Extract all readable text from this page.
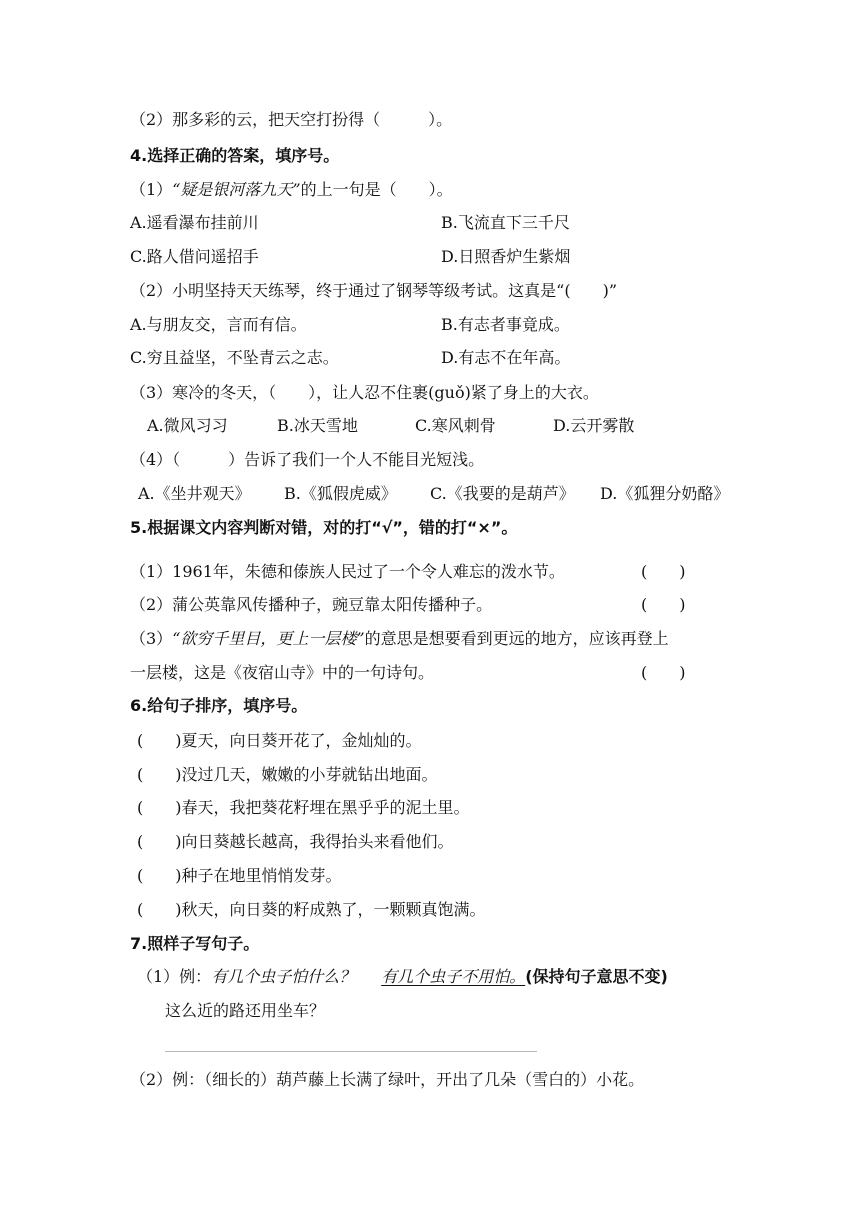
（2）那多彩的云，把天空打扮得（　　　）。
4.选择正确的答案，填序号。
（1）“疑是银河落九天”的上一句是（　　）。
A.遥看瀑布挂前川	B.飞流直下三千尺
C.路人借问遥招手	D.日照香炉生紫烟
（2）小明坚持天天练琴，终于通过了钢琴等级考试。这真是“(　　)”
A.与朋友交，言而有信。	B.有志者事竟成。
C.穷且益坚，不坠青云之志。	D.有志不在年高。
（3）寒冷的冬天，（　　），让人忍不住裹(guǒ)紧了身上的大衣。
A.微风习习	B.冰天雪地	C.寒风刺骨	D.云开雾散
（4）（　　　）告诉了我们一个人不能目光短浅。
A.《坐井观天》 B.《狐假虎威》 C.《我要的是葫芦》 D.《狐狸分奶酪》
5.根据课文内容判断对错，对的打“√”，错的打“×”。
（1）1961年，朱德和傣族人民过了一个令人难忘的泼水节。	(　　)
（2）蒲公英靠风传播种子，豌豆靠太阳传播种子。	(　　)
（3）“欲穷千里目，更上一层楼”的意思是想要看到更远的地方，应该再登上
一层楼，这是《夜宿山寺》中的一句诗句。	(　　)
6.给句子排序，填序号。
(　　)夏天，向日葵开花了，金灿灿的。
(　　)没过几天，嫩嫩的小芽就钻出地面。
(　　)春天，我把葵花籽埋在黑乎乎的泥土里。
(　　)向日葵越长越高，我得抬头来看他们。
(　　)种子在地里悄悄发芽。
(　　)秋天，向日葵的籽成熟了，一颗颗真饱满。
7.照样子写句子。
（1）例：有几个虫子怕什么？ 有几个虫子不用怕。(保持句子意思不变)
这么近的路还用坐车？
（2）例：（细长的）葫芦藤上长满了绿叶，开出了几朵（雪白的）小花。
